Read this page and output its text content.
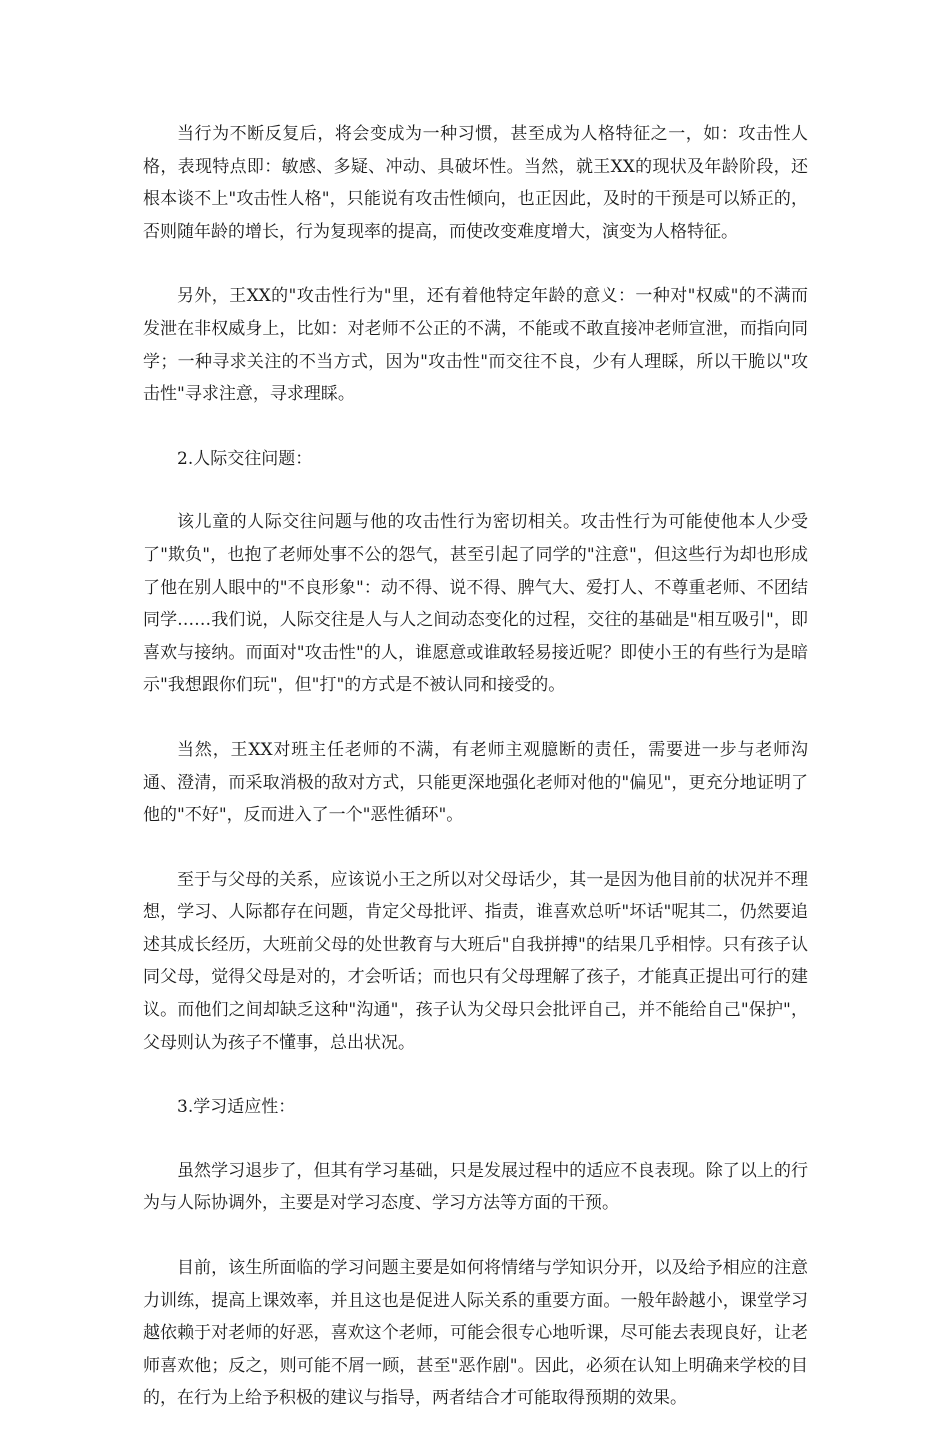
当行为不断反复后，将会变成为一种习惯，甚至成为人格特征之一，如：攻击性人格，表现特点即：敏感、多疑、冲动、具破坏性。当然，就王XX的现状及年龄阶段，还根本谈不上"攻击性人格"，只能说有攻击性倾向，也正因此，及时的干预是可以矫正的，否则随年龄的增长，行为复现率的提高，而使改变难度增大，演变为人格特征。

另外，王XX的"攻击性行为"里，还有着他特定年龄的意义：一种对"权威"的不满而发泄在非权威身上，比如：对老师不公正的不满，不能或不敢直接冲老师宣泄，而指向同学；一种寻求关注的不当方式，因为"攻击性"而交往不良，少有人理睬，所以干脆以"攻击性"寻求注意，寻求理睬。

2.人际交往问题：

该儿童的人际交往问题与他的攻击性行为密切相关。攻击性行为可能使他本人少受了"欺负"，也抱了老师处事不公的怨气，甚至引起了同学的"注意"，但这些行为却也形成了他在别人眼中的"不良形象"：动不得、说不得、脾气大、爱打人、不尊重老师、不团结同学……我们说，人际交往是人与人之间动态变化的过程，交往的基础是"相互吸引"，即喜欢与接纳。而面对"攻击性"的人，谁愿意或谁敢轻易接近呢？即使小王的有些行为是暗示"我想跟你们玩"，但"打"的方式是不被认同和接受的。

当然，王XX对班主任老师的不满，有老师主观臆断的责任，需要进一步与老师沟通、澄清，而采取消极的敌对方式，只能更深地强化老师对他的"偏见"，更充分地证明了他的"不好"，反而进入了一个"恶性循环"。

至于与父母的关系，应该说小王之所以对父母话少，其一是因为他目前的状况并不理想，学习、人际都存在问题，肯定父母批评、指责，谁喜欢总听"坏话"呢其二，仍然要追述其成长经历，大班前父母的处世教育与大班后"自我拼搏"的结果几乎相悖。只有孩子认同父母，觉得父母是对的，才会听话；而也只有父母理解了孩子，才能真正提出可行的建议。而他们之间却缺乏这种"沟通"，孩子认为父母只会批评自己，并不能给自己"保护"，父母则认为孩子不懂事，总出状况。

3.学习适应性：

虽然学习退步了，但其有学习基础，只是发展过程中的适应不良表现。除了以上的行为与人际协调外，主要是对学习态度、学习方法等方面的干预。

目前，该生所面临的学习问题主要是如何将情绪与学知识分开，以及给予相应的注意力训练，提高上课效率，并且这也是促进人际关系的重要方面。一般年龄越小，课堂学习越依赖于对老师的好恶，喜欢这个老师，可能会很专心地听课，尽可能去表现良好，让老师喜欢他；反之，则可能不屑一顾，甚至"恶作剧"。因此，必须在认知上明确来学校的目的，在行为上给予积极的建议与指导，两者结合才可能取得预期的效果。
